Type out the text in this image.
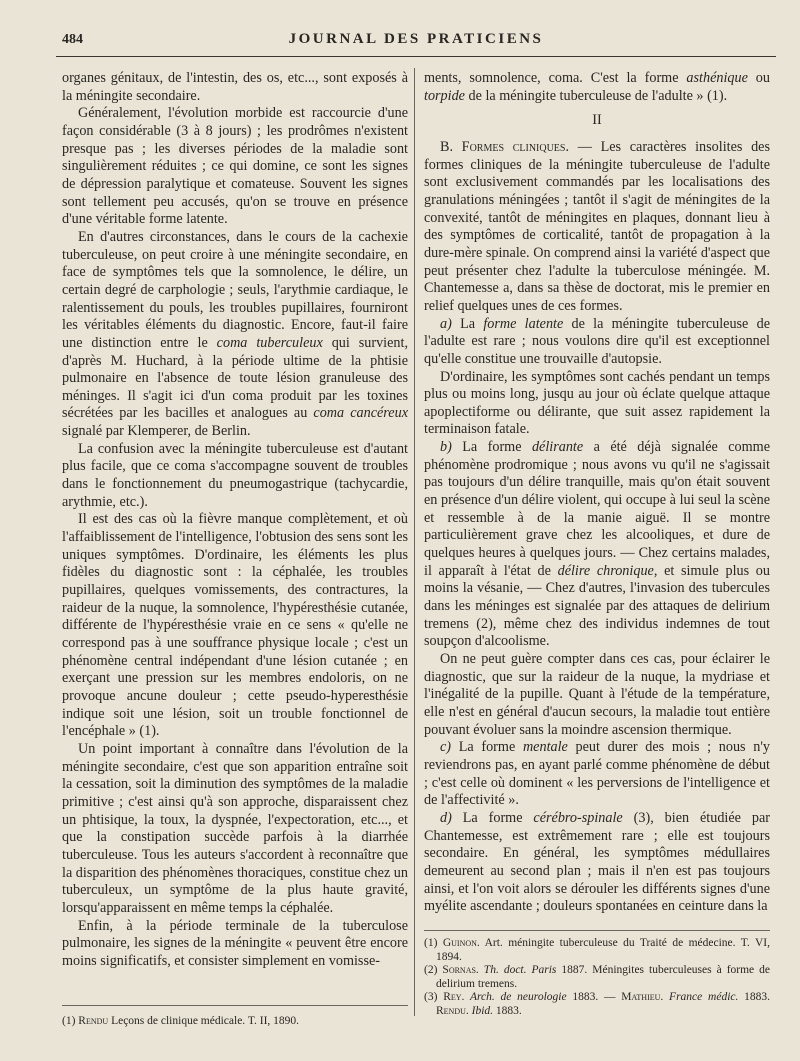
484	JOURNAL DES PRATICIENS

organes génitaux, de l'intestin, des os, etc..., sont exposés à la méningite secondaire.

Généralement, l'évolution morbide est raccourcie d'une façon considérable (3 à 8 jours) ; les prodrômes n'existent presque pas ; les diverses périodes de la maladie sont singulièrement réduites ; ce qui domine, ce sont les signes de dépression paralytique et comateuse. Souvent les signes sont tellement peu accusés, qu'on se trouve en présence d'une véritable forme latente.

En d'autres circonstances, dans le cours de la cachexie tuberculeuse, on peut croire à une méningite secondaire, en face de symptômes tels que la somnolence, le délire, un certain degré de carphologie ; seuls, l'arythmie cardiaque, le ralentissement du pouls, les troubles pupillaires, fourniront les véritables éléments du diagnostic. Encore, faut-il faire une distinction entre le coma tuberculeux qui survient, d'après M. Huchard, à la période ultime de la phtisie pulmonaire en l'absence de toute lésion granuleuse des méninges. Il s'agit ici d'un coma produit par les toxines sécrétées par les bacilles et analogues au coma cancéreux signalé par Klemperer, de Berlin.

La confusion avec la méningite tuberculeuse est d'autant plus facile, que ce coma s'accompagne souvent de troubles dans le fonctionnement du pneumogastrique (tachycardie, arythmie, etc.).

Il est des cas où la fièvre manque complètement, et où l'affaiblissement de l'intelligence, l'obtusion des sens sont les uniques symptômes. D'ordinaire, les éléments les plus fidèles du diagnostic sont : la céphalée, les troubles pupillaires, quelques vomissements, des contractures, la raideur de la nuque, la somnolence, l'hypéresthésie cutanée, différente de l'hypéresthésie vraie en ce sens « qu'elle ne correspond pas à une souffrance physique locale ; c'est un phénomène central indépendant d'une lésion cutanée ; en exerçant une pression sur les membres endoloris, on ne provoque ancune douleur ; cette pseudo-hyperesthésie indique soit une lésion, soit un trouble fonctionnel de l'encéphale » (1).

Un point important à connaître dans l'évolution de la méningite secondaire, c'est que son apparition entraîne soit la cessation, soit la diminution des symptômes de la maladie primitive ; c'est ainsi qu'à son approche, disparaissent chez un phtisique, la toux, la dyspnée, l'expectoration, etc..., et que la constipation succède parfois à la diarrhée tuberculeuse. Tous les auteurs s'accordent à reconnaître que la disparition des phénomènes thoraciques, constitue chez un tuberculeux, un symptôme de la plus haute gravité, lorsqu'apparaissent en même temps la céphalée.

Enfin, à la période terminale de la tuberculose pulmonaire, les signes de la méningite « peuvent être encore moins significatifs, et consister simplement en vomisse-

ments, somnolence, coma. C'est la forme asthénique ou torpide de la méningite tuberculeuse de l'adulte » (1).

II

B. Formes cliniques. — Les caractères insolites des formes cliniques de la méningite tuberculeuse de l'adulte sont exclusivement commandés par les localisations des granulations méningées ; tantôt il s'agit de méningites de la convexité, tantôt de méningites en plaques, donnant lieu à des symptômes de corticalité, tantôt de propagation à la dure-mère spinale. On comprend ainsi la variété d'aspect que peut présenter chez l'adulte la tuberculose méningée. M. Chantemesse a, dans sa thèse de doctorat, mis le premier en relief quelques unes de ces formes.

a) La forme latente de la méningite tuberculeuse de l'adulte est rare ; nous voulons dire qu'il est exceptionnel qu'elle constitue une trouvaille d'autopsie.

D'ordinaire, les symptômes sont cachés pendant un temps plus ou moins long, jusqu au jour où éclate quelque attaque apoplectiforme ou délirante, que suit assez rapidement la terminaison fatale.

b) La forme délirante a été déjà signalée comme phénomène prodromique ; nous avons vu qu'il ne s'agissait pas toujours d'un délire tranquille, mais qu'on était souvent en présence d'un délire violent, qui occupe à lui seul la scène et ressemble à de la manie aiguë. Il se montre particulièrement grave chez les alcooliques, et dure de quelques heures à quelques jours. — Chez certains malades, il apparaît à l'état de délire chronique, et simule plus ou moins la vésanie, — Chez d'autres, l'invasion des tubercules dans les méninges est signalée par des attaques de delirium tremens (2), même chez des individus indemnes de tout soupçon d'alcoolisme.

On ne peut guère compter dans ces cas, pour éclairer le diagnostic, que sur la raideur de la nuque, la mydriase et l'inégalité de la pupille. Quant à l'étude de la température, elle n'est en général d'aucun secours, la maladie tout entière pouvant évoluer sans la moindre ascension thermique.

c) La forme mentale peut durer des mois ; nous n'y reviendrons pas, en ayant parlé comme phénomène de début ; c'est celle où dominent « les perversions de l'intelligence et de l'affectivité ».

d) La forme cérébro-spinale (3), bien étudiée par Chantemesse, est extrêmement rare ; elle est toujours secondaire. En général, les symptômes médullaires demeurent au second plan ; mais il n'en est pas toujours ainsi, et l'on voit alors se dérouler les différents signes d'une myélite ascendante ; douleurs spontanées en ceinture dans la

(1) Guinon. Art. méningite tuberculeuse du Traité de médecine. T. VI, 1894.
(2) Sornas. Th. doct. Paris 1887. Méningites tuberculeuses à forme de delirium tremens.
(3) Rey. Arch. de neurologie 1883. — Mathieu. France médic. 1883. Rendu. Ibid. 1883.
(1) Rendu Leçons de clinique médicale. T. II, 1890.
